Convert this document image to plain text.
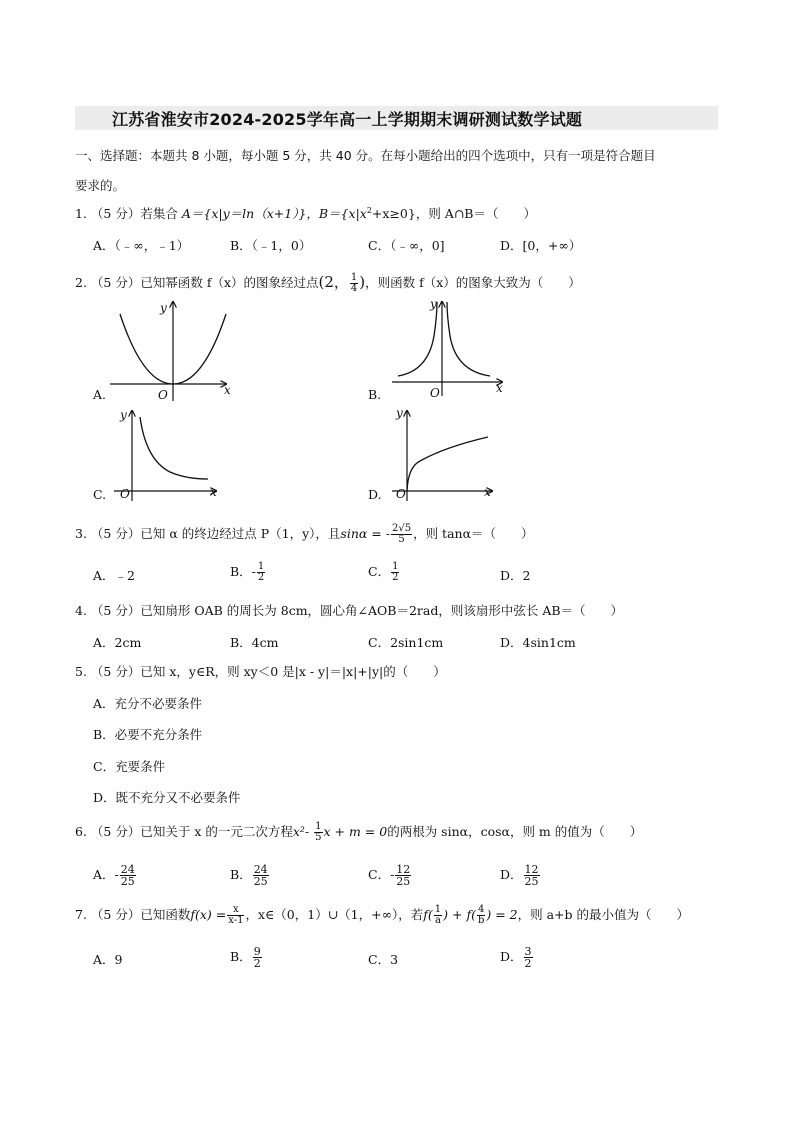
江苏省淮安市2024-2025学年高一上学期期末调研测试数学试题
一、选择题：本题共 8 小题，每小题 5 分，共 40 分。在每小题给出的四个选项中，只有一项是符合题目
要求的。
1. （5 分）若集合 A＝{x|y＝ln（x+1）}，$B=\{x|x^2+x\ge 0\}$，则 A∩B＝（　　）
A．（﹣∞，﹣1）	B．（﹣1，0）	C．（﹣∞，0]	D．[0，+∞）
2. （5 分）已知幂函数 f（x）的图象经过点(2， $\frac{1}{4}$ )，则函数 f（x）的图象大致为（　　）
y
x
O
A.
y
x
O
B.
y
x
O
C.
y
x
O
D.
3. （5 分）已知 α 的终边经过点 P（1，y），且sinα = - $\frac{2√5}{5}$ ，则 tanα＝（　　）
A．﹣2	B．- $\frac{1}{2}$	C． $\frac{1}{2}$	D．2
4. （5 分）已知扇形 OAB 的周长为 8cm，圆心角∠AOB＝2rad，则该扇形中弦长 AB＝（　　）
A．2cm	B．4cm	C．2sin1cm	D．4sin1cm
5. （5 分）已知 x，y∈R，则 xy＜0 是|x - y|＝|x|+|y|的（　　）
A．充分不必要条件
B．必要不充分条件
C．充要条件
D．既不充分又不必要条件
6. （5 分）已知关于 x 的一元二次方程$x^2- \frac{1}{5}$ x + m = 0的两根为 sinα，cosα，则 m 的值为（　　）
A．- $\frac{24}{25}$	B． $\frac{24}{25}$	C．- $\frac{12}{25}$	D． $\frac{12}{25}$
7. （5 分）已知函数$f(x) = \frac{x}{x-1}$ ，x∈（0，1）∪（1，+∞），若$f( \frac{1}{a}$ ) + $f( \frac{4}{b}$ ) = 2，则 a+b 的最小值为（　　）
A．9	B． $\frac{9}{2}$	C．3	D． $\frac{3}{2}$
